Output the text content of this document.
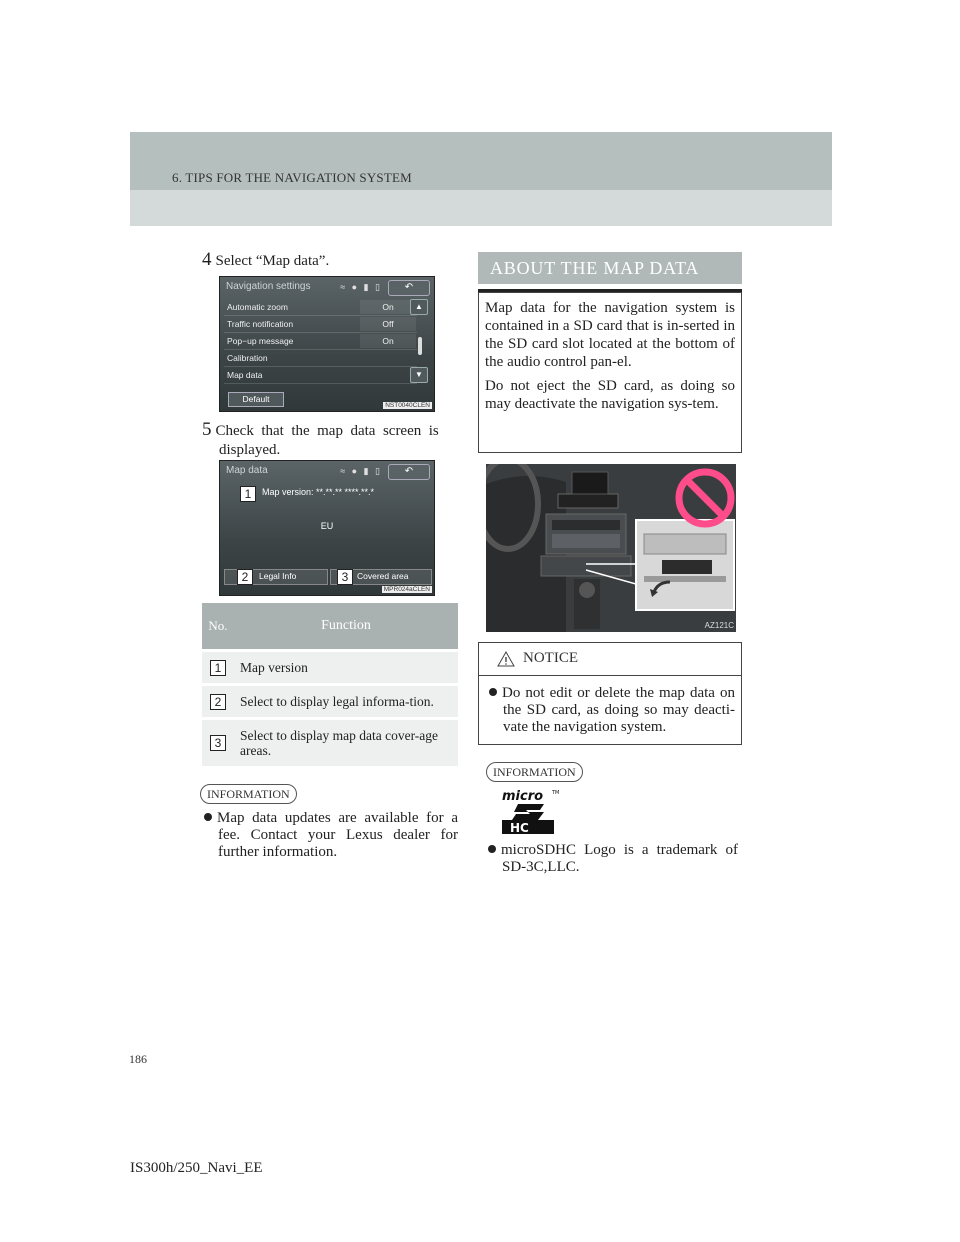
6. TIPS FOR THE NAVIGATION SYSTEM
4 Select “Map data”.
Navigation settings	≈ ● ▮ ▯	↶
Automatic zoom	On
Traffic notification	Off
Pop−up message	On
Calibration
Map data
▲
▼
Default
NST0040CLEN
5 Check  that  the  map  data  screen  is
displayed.
Map data	≈ ● ▮ ▯	↶
1	Map version: **.**.** ****.**.*
EU
2	Legal Info	3	Covered area
MPR024aCLEN
No.	Function
1	Map version
2	Select to display legal informa-tion.
3	Select to display map data cover-age areas.
INFORMATION
Map data updates are available for a fee. Contact your Lexus dealer for further information.
ABOUT THE MAP DATA

Map data for the navigation system is contained in a SD card that is in-serted in the SD card slot located at the bottom of the audio control pan-el.

Do not eject the SD card, as doing so may deactivate the navigation sys-tem.

AZ121C
NOTICE
Do not edit or delete the map data on the SD card, as doing so may deacti-vate the navigation system.
INFORMATION
micro TM
HC
microSDHC Logo is a trademark of SD-3C,LLC.
186
IS300h/250_Navi_EE
